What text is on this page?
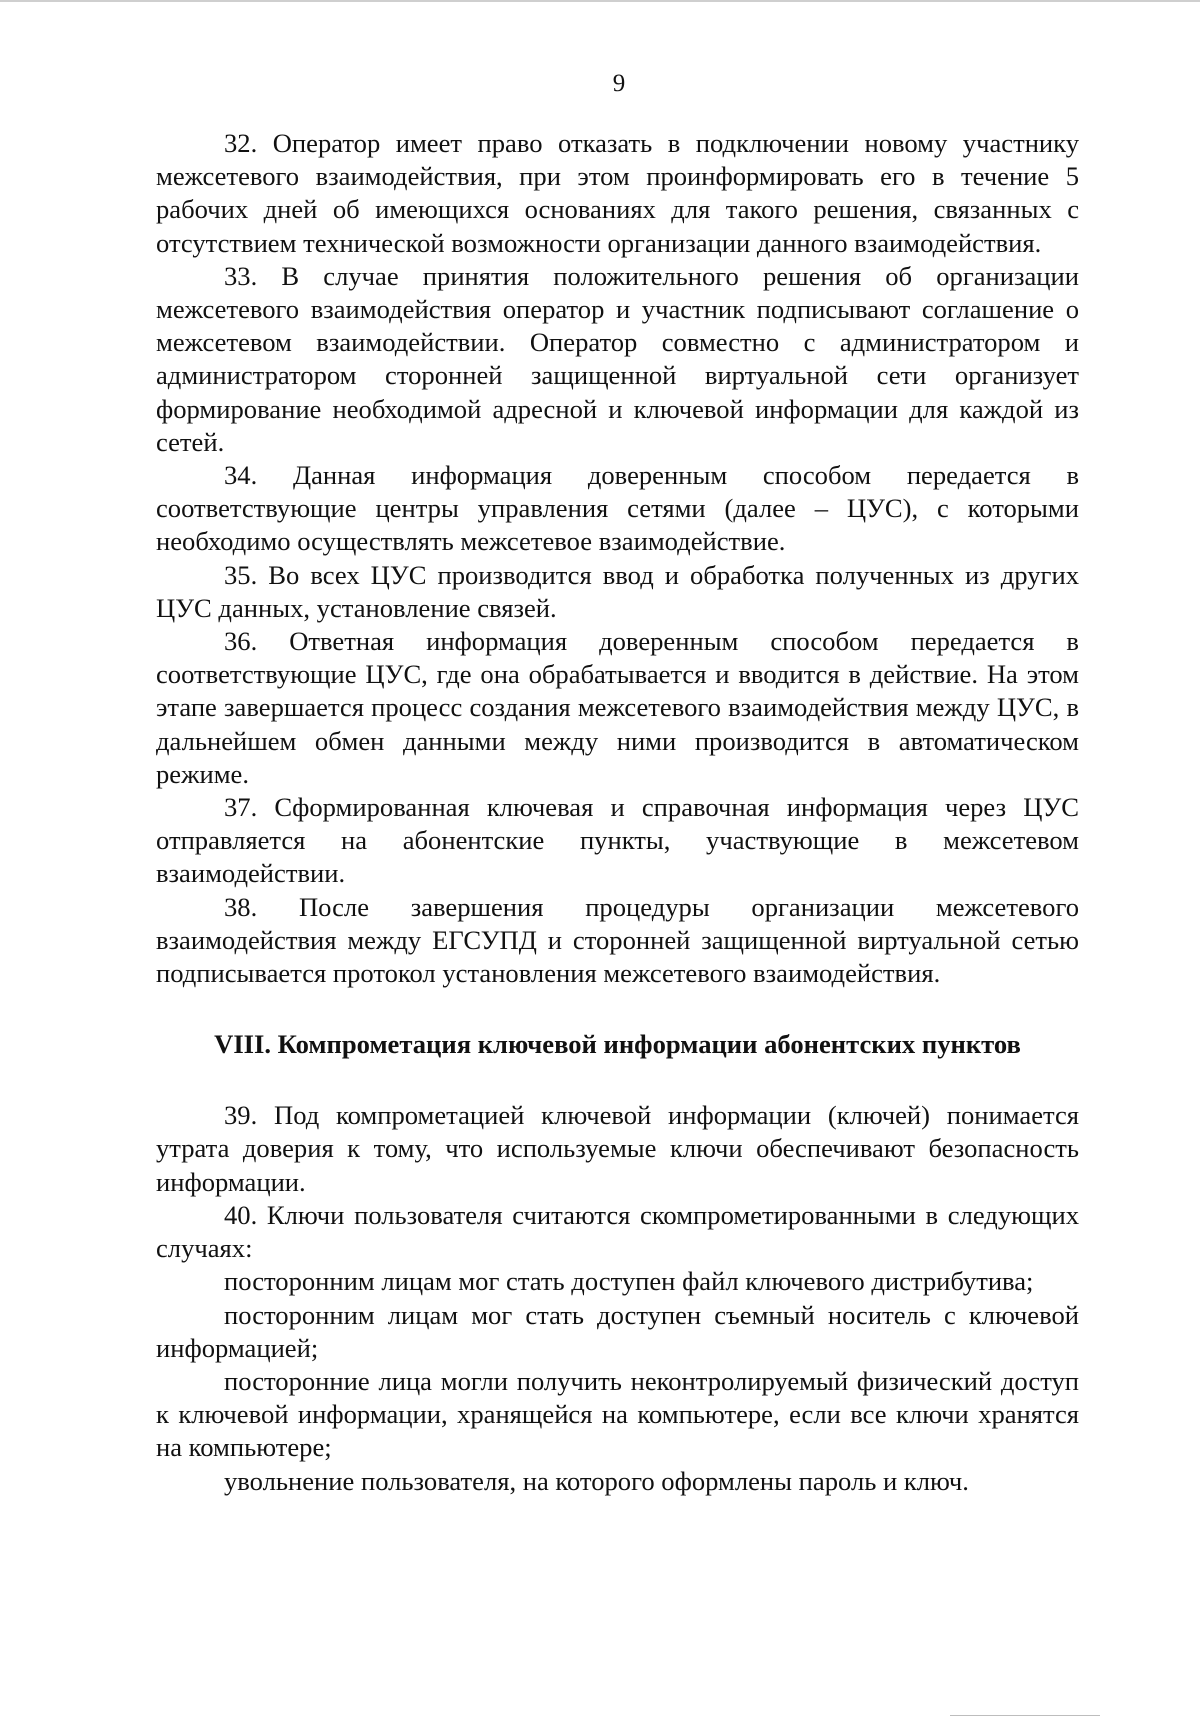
9

32. Оператор имеет право отказать в подключении новому участнику межсетевого взаимодействия, при этом проинформировать его в течение 5 рабочих дней об имеющихся основаниях для такого решения, связанных с отсутствием технической возможности организации данного взаимодействия.

33. В случае принятия положительного решения об организации межсетевого взаимодействия оператор и участник подписывают соглашение о межсетевом взаимодействии. Оператор совместно с администратором и администратором сторонней защищенной виртуальной сети организует формирование необходимой адресной и ключевой информации для каждой из сетей.

34. Данная информация доверенным способом передается в соответствующие центры управления сетями (далее – ЦУС), с которыми необходимо осуществлять межсетевое взаимодействие.

35. Во всех ЦУС производится ввод и обработка полученных из других ЦУС данных, установление связей.

36. Ответная информация доверенным способом передается в соответствующие ЦУС, где она обрабатывается и вводится в действие. На этом этапе завершается процесс создания межсетевого взаимодействия между ЦУС, в дальнейшем обмен данными между ними производится в автоматическом режиме.

37. Сформированная ключевая и справочная информация через ЦУС отправляется на абонентские пункты, участвующие в межсетевом взаимодействии.

38. После завершения процедуры организации межсетевого взаимодействия между ЕГСУПД и сторонней защищенной виртуальной сетью подписывается протокол установления межсетевого взаимодействия.

VIII. Компрометация ключевой информации абонентских пунктов

39. Под компрометацией ключевой информации (ключей) понимается утрата доверия к тому, что используемые ключи обеспечивают безопасность информации.

40. Ключи пользователя считаются скомпрометированными в следующих случаях:

посторонним лицам мог стать доступен файл ключевого дистрибутива;

посторонним лицам мог стать доступен съемный носитель с ключевой информацией;

посторонние лица могли получить неконтролируемый физический доступ к ключевой информации, хранящейся на компьютере, если все ключи хранятся на компьютере;

увольнение пользователя, на которого оформлены пароль и ключ.
